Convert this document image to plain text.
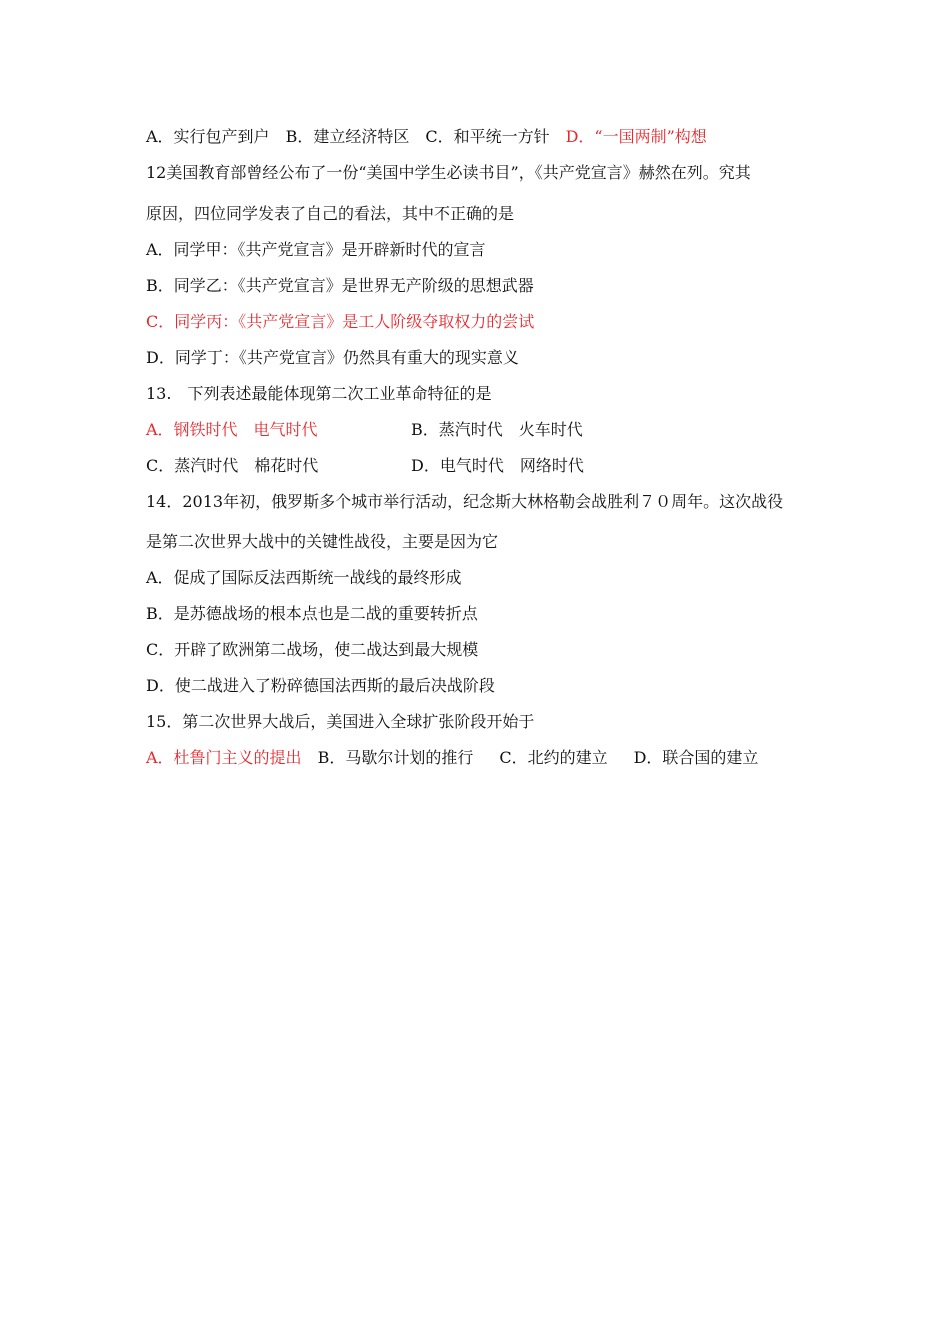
A．实行包产到户 B．建立经济特区 C．和平统一方针 D．“一国两制”构想
12美国教育部曾经公布了一份“美国中学生必读书目”，《共产党宣言》赫然在列。究其
原因，四位同学发表了自己的看法，其中不正确的是
A．同学甲：《共产党宣言》是开辟新时代的宣言
B．同学乙：《共产党宣言》是世界无产阶级的思想武器
C．同学丙：《共产党宣言》是工人阶级夺取权力的尝试
D．同学丁：《共产党宣言》仍然具有重大的现实意义
13.　下列表述最能体现第二次工业革命特征的是
A．钢铁时代　电气时代	B．蒸汽时代　火车时代
C．蒸汽时代　棉花时代	D．电气时代　网络时代
14．2013年初，俄罗斯多个城市举行活动，纪念斯大林格勒会战胜利７０周年。这次战役
是第二次世界大战中的关键性战役，主要是因为它
A．促成了国际反法西斯统一战线的最终形成
B．是苏德战场的根本点也是二战的重要转折点
C．开辟了欧洲第二战场，使二战达到最大规模
D．使二战进入了粉碎德国法西斯的最后决战阶段
15．第二次世界大战后，美国进入全球扩张阶段开始于
A．杜鲁门主义的提出 B．马歇尔计划的推行 C．北约的建立 D．联合国的建立
